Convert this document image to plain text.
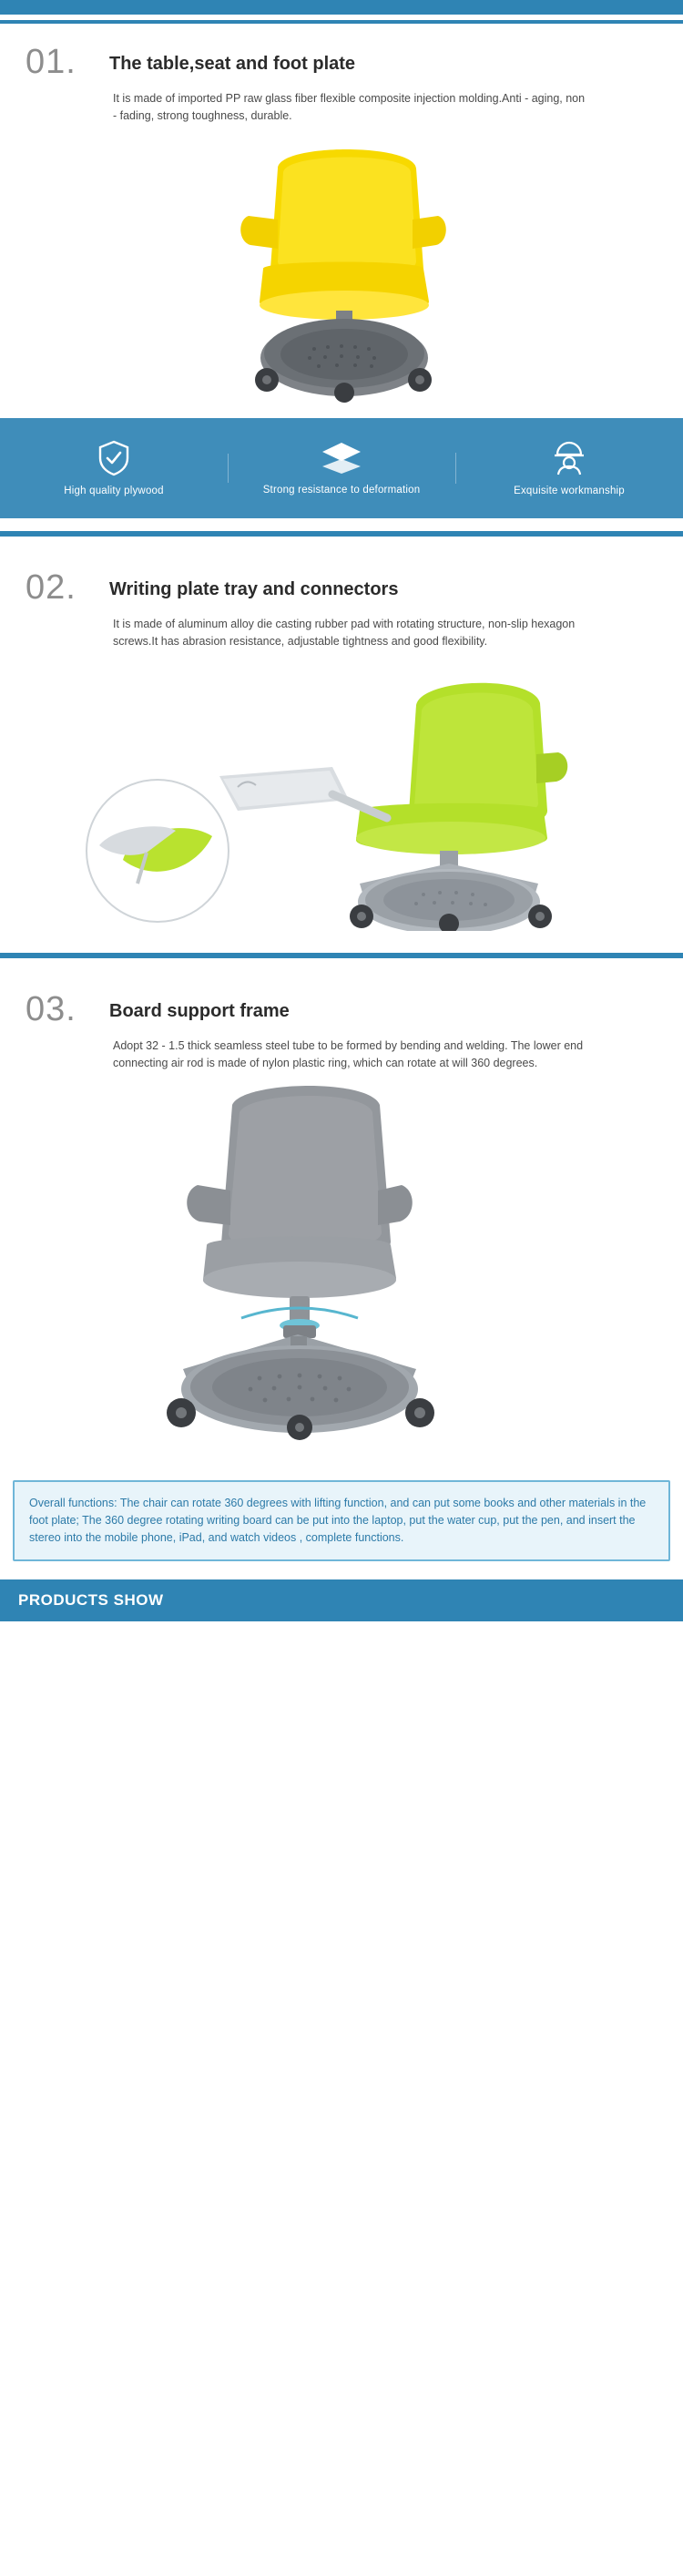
01.	The table,seat and foot plate
It is made of imported PP raw glass fiber flexible composite injection molding.Anti - aging, non - fading, strong toughness, durable.
High quality plywood	Strong resistance to deformation	Exquisite workmanship
02.	Writing plate tray and connectors
It is made of aluminum alloy die casting rubber pad with rotating structure, non-slip hexagon screws.It has abrasion resistance, adjustable tightness and good flexibility.
03.	Board support frame
Adopt 32 - 1.5 thick seamless steel tube to be formed by bending and welding. The lower end connecting air rod is made of nylon plastic ring, which can rotate at will 360 degrees.

Overall functions: The chair can rotate 360 degrees with lifting function, and can put some books and other materials in the foot plate; The 360 degree rotating writing board can be put into the laptop, put the water cup, put the pen, and insert the stereo into the mobile phone, iPad, and watch videos , complete functions.

PRODUCTS SHOW
